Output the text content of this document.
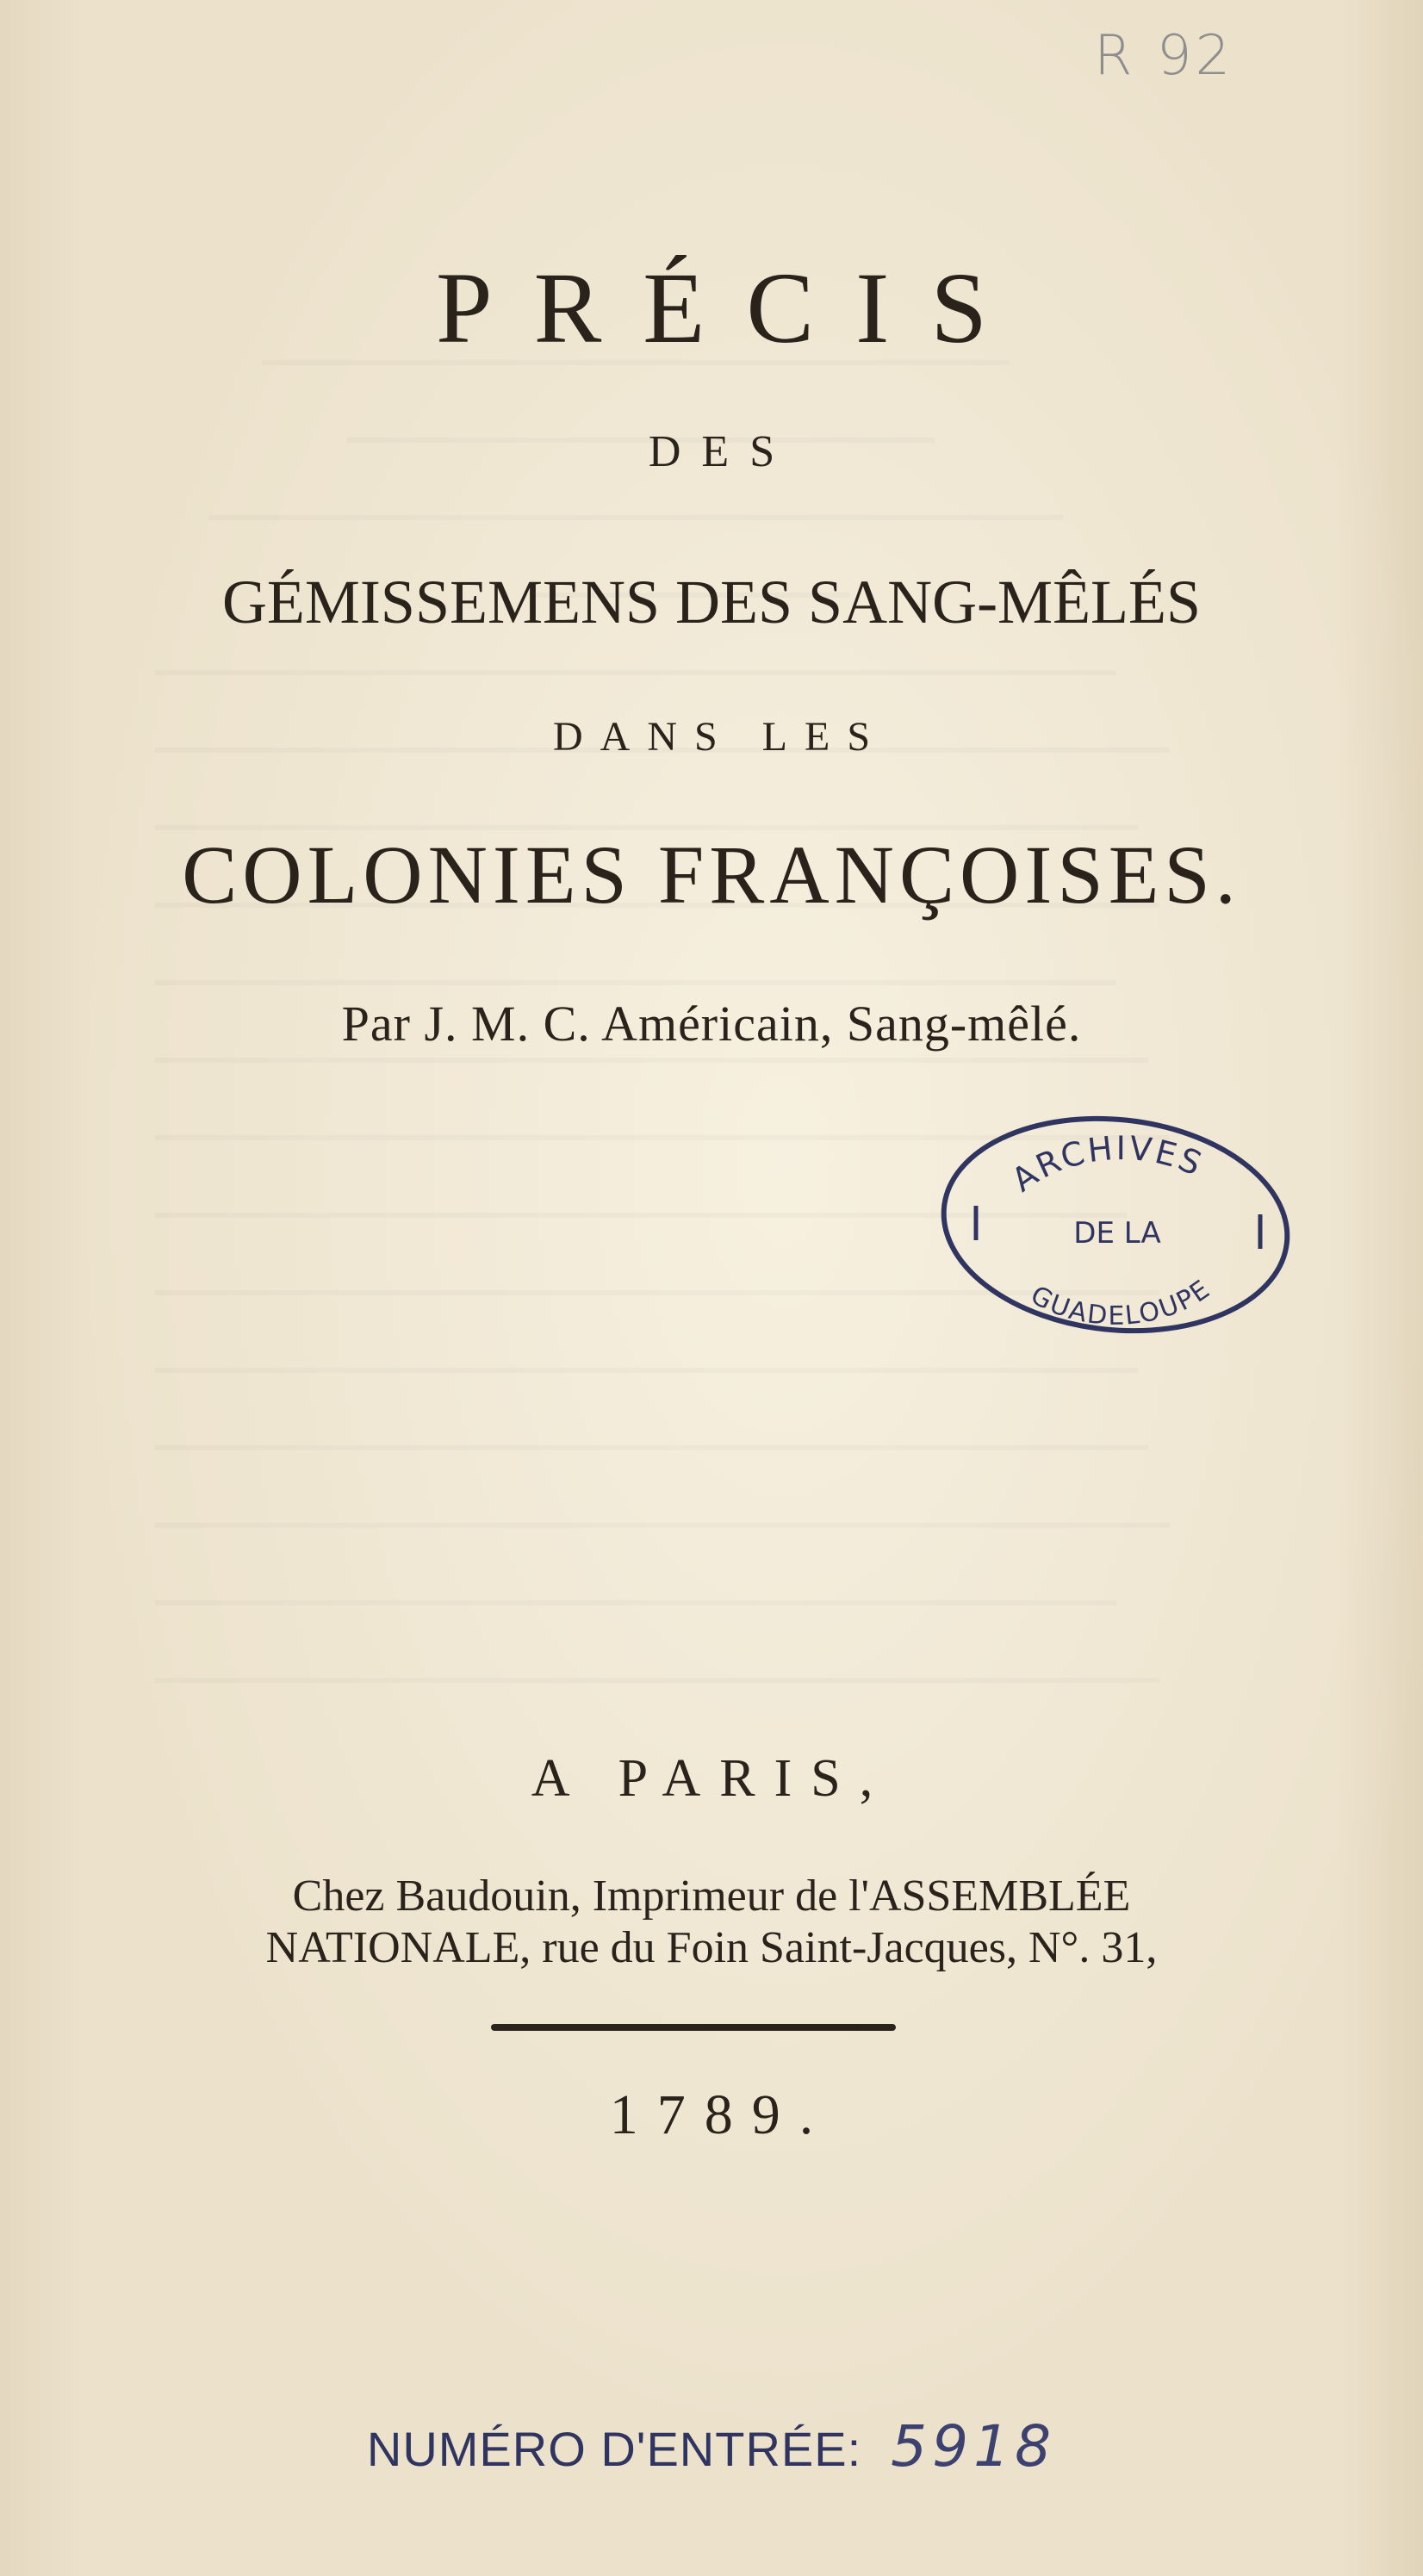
R 92
PRÉCIS
DES
GÉMISSEMENS DES SANG-MÊLÉS
DANS LES
COLONIES FRANÇOISES.
Par J. M. C. Américain, Sang-mêlé.
ARCHIVES
DE LA
GUADELOUPE
A PARIS,
Chez Baudouin, Imprimeur de l'ASSEMBLÉE
NATIONALE, rue du Foin Saint-Jacques, N°. 31,
1789.
NUMÉRO D'ENTRÉE: 5918
